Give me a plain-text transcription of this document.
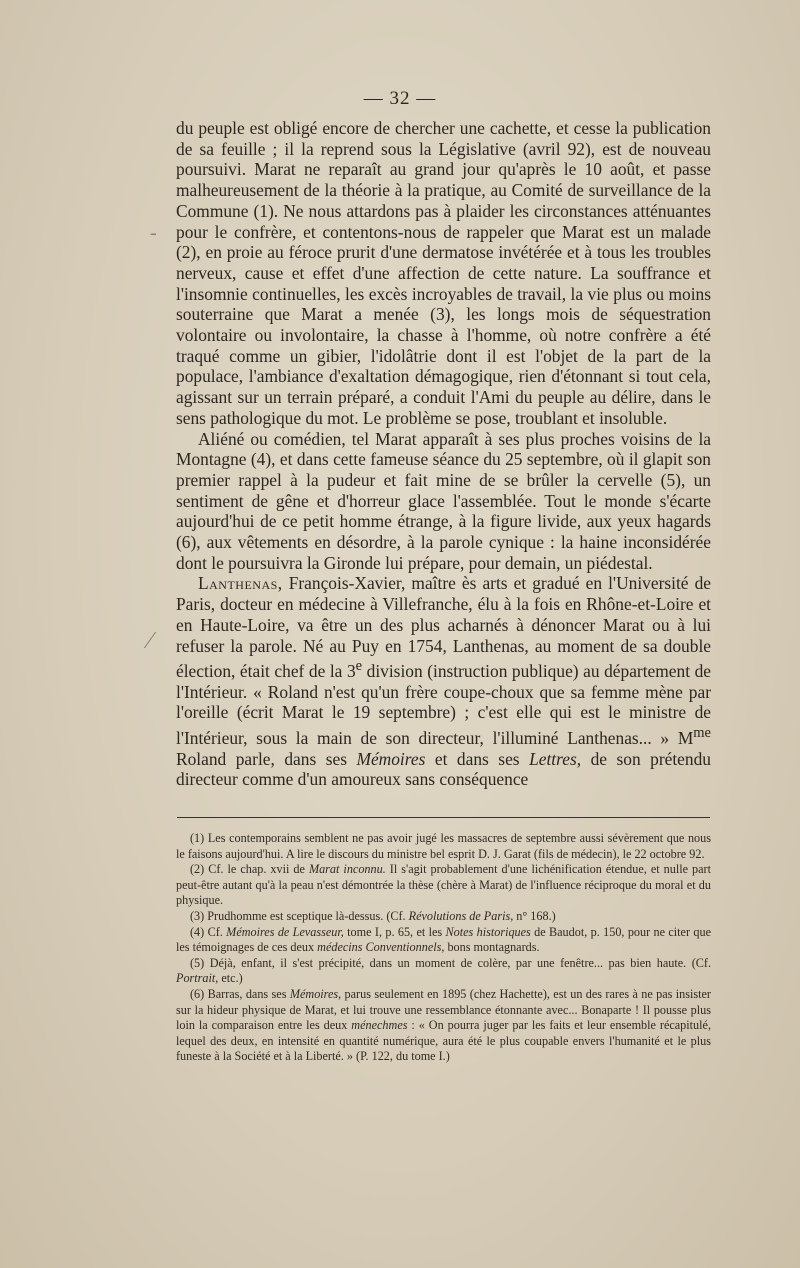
— 32 —

du peuple est obligé encore de chercher une cachette, et cesse la publication de sa feuille ; il la reprend sous la Législative (avril 92), est de nouveau poursuivi. Marat ne reparaît au grand jour qu'après le 10 août, et passe malheureusement de la théorie à la pratique, au Comité de surveillance de la Commune (1). Ne nous attardons pas à plaider les circonstances atténuantes pour le confrère, et contentons-nous de rappeler que Marat est un malade (2), en proie au féroce prurit d'une dermatose invétérée et à tous les troubles nerveux, cause et effet d'une affection de cette nature. La souffrance et l'insomnie continuelles, les excès incroyables de travail, la vie plus ou moins souterraine que Marat a menée (3), les longs mois de séquestration volontaire ou involontaire, la chasse à l'homme, où notre confrère a été traqué comme un gibier, l'idolâtrie dont il est l'objet de la part de la populace, l'ambiance d'exaltation démagogique, rien d'étonnant si tout cela, agissant sur un terrain préparé, a conduit l'Ami du peuple au délire, dans le sens pathologique du mot. Le problème se pose, troublant et insoluble.

Aliéné ou comédien, tel Marat apparaît à ses plus proches voisins de la Montagne (4), et dans cette fameuse séance du 25 septembre, où il glapit son premier rappel à la pudeur et fait mine de se brûler la cervelle (5), un sentiment de gêne et d'horreur glace l'assemblée. Tout le monde s'écarte aujourd'hui de ce petit homme étrange, à la figure livide, aux yeux hagards (6), aux vêtements en désordre, à la parole cynique : la haine inconsidérée dont le poursuivra la Gironde lui prépare, pour demain, un piédestal.

Lanthenas, François-Xavier, maître ès arts et gradué en l'Université de Paris, docteur en médecine à Villefranche, élu à la fois en Rhône-et-Loire et en Haute-Loire, va être un des plus acharnés à dénoncer Marat ou à lui refuser la parole. Né au Puy en 1754, Lanthenas, au moment de sa double élection, était chef de la 3e division (instruction publique) au département de l'Intérieur. « Roland n'est qu'un frère coupe-choux que sa femme mène par l'oreille (écrit Marat le 19 septembre) ; c'est elle qui est le ministre de l'Intérieur, sous la main de son directeur, l'illuminé Lanthenas... » $M^{me}$ Roland parle, dans ses Mémoires et dans ses Lettres, de son prétendu directeur comme d'un amoureux sans conséquence

(1) Les contemporains semblent ne pas avoir jugé les massacres de septembre aussi sévèrement que nous le faisons aujourd'hui. A lire le discours du ministre bel esprit D. J. Garat (fils de médecin), le 22 octobre 92.

(2) Cf. le chap. xvii de Marat inconnu. Il s'agit probablement d'une lichénification étendue, et nulle part peut-être autant qu'à la peau n'est démontrée la thèse (chère à Marat) de l'influence réciproque du moral et du physique.

(3) Prudhomme est sceptique là-dessus. (Cf. Révolutions de Paris, n° 168.)

(4) Cf. Mémoires de Levasseur, tome I, p. 65, et les Notes historiques de Baudot, p. 150, pour ne citer que les témoignages de ces deux médecins Conventionnels, bons montagnards.

(5) Déjà, enfant, il s'est précipité, dans un moment de colère, par une fenêtre... pas bien haute. (Cf. Portrait, etc.)

(6) Barras, dans ses Mémoires, parus seulement en 1895 (chez Hachette), est un des rares à ne pas insister sur la hideur physique de Marat, et lui trouve une ressemblance étonnante avec... Bonaparte ! Il pousse plus loin la comparaison entre les deux ménechmes : « On pourra juger par les faits et leur ensemble récapitulé, lequel des deux, en intensité en quantité numérique, aura été le plus coupable envers l'humanité et le plus funeste à la Société et à la Liberté. » (P. 122, du tome I.)

-
⁄
